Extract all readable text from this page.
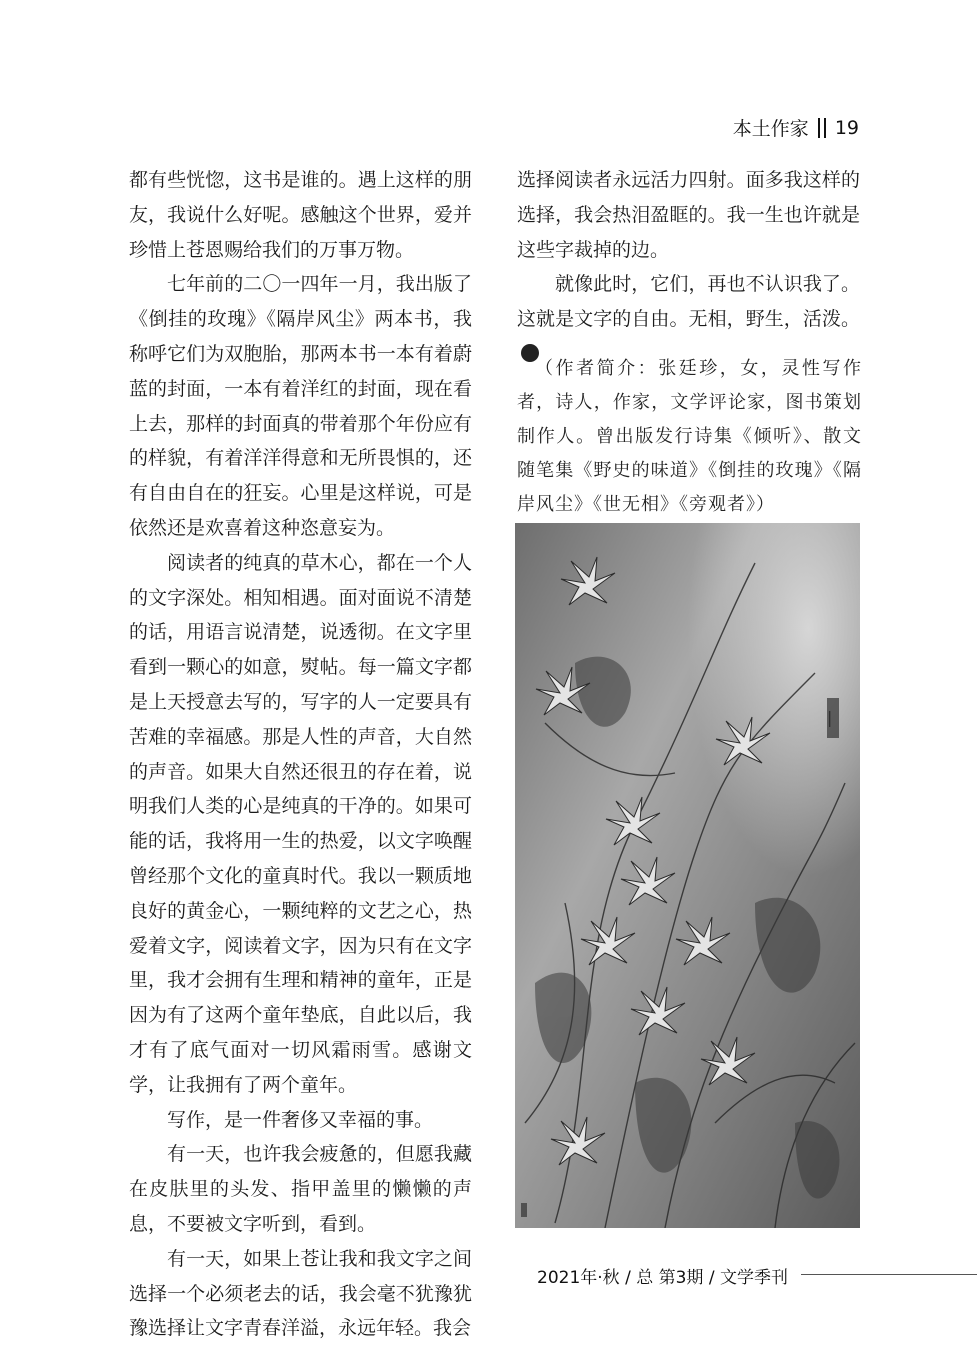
本土作家 19

都有些恍惚，这书是谁的。遇上这样的朋友，我说什么好呢。感触这个世界，爱并珍惜上苍恩赐给我们的万事万物。

七年前的二〇一四年一月，我出版了《倒挂的玫瑰》《隔岸风尘》两本书，我称呼它们为双胞胎，那两本书一本有着蔚蓝的封面，一本有着洋红的封面，现在看上去，那样的封面真的带着那个年份应有的样貌，有着洋洋得意和无所畏惧的，还有自由自在的狂妄。心里是这样说，可是依然还是欢喜着这种恣意妄为。

阅读者的纯真的草木心，都在一个人的文字深处。相知相遇。面对面说不清楚的话，用语言说清楚，说透彻。在文字里看到一颗心的如意，熨帖。每一篇文字都是上天授意去写的，写字的人一定要具有苦难的幸福感。那是人性的声音，大自然的声音。如果大自然还很丑的存在着，说明我们人类的心是纯真的干净的。如果可能的话，我将用一生的热爱，以文字唤醒曾经那个文化的童真时代。我以一颗质地良好的黄金心，一颗纯粹的文艺之心，热爱着文字，阅读着文字，因为只有在文字里，我才会拥有生理和精神的童年，正是因为有了这两个童年垫底，自此以后，我才有了底气面对一切风霜雨雪。感谢文学，让我拥有了两个童年。

写作，是一件奢侈又幸福的事。

有一天，也许我会疲惫的，但愿我藏在皮肤里的头发、指甲盖里的懒懒的声息，不要被文字听到，看到。

有一天，如果上苍让我和我文字之间选择一个必须老去的话，我会毫不犹豫犹豫选择让文字青春洋溢，永远年轻。我会

选择阅读者永远活力四射。面多我这样的选择，我会热泪盈眶的。我一生也许就是这些字裁掉的边。

就像此时，它们，再也不认识我了。这就是文字的自由。无相，野生，活泼。

（作者简介：张廷珍，女，灵性写作者，诗人，作家，文学评论家，图书策划制作人。曾出版发行诗集《倾听》、散文随笔集《野史的味道》《倒挂的玫瑰》《隔岸风尘》《世无相》《旁观者》）

2021年·秋 / 总 第3期 / 文学季刊
